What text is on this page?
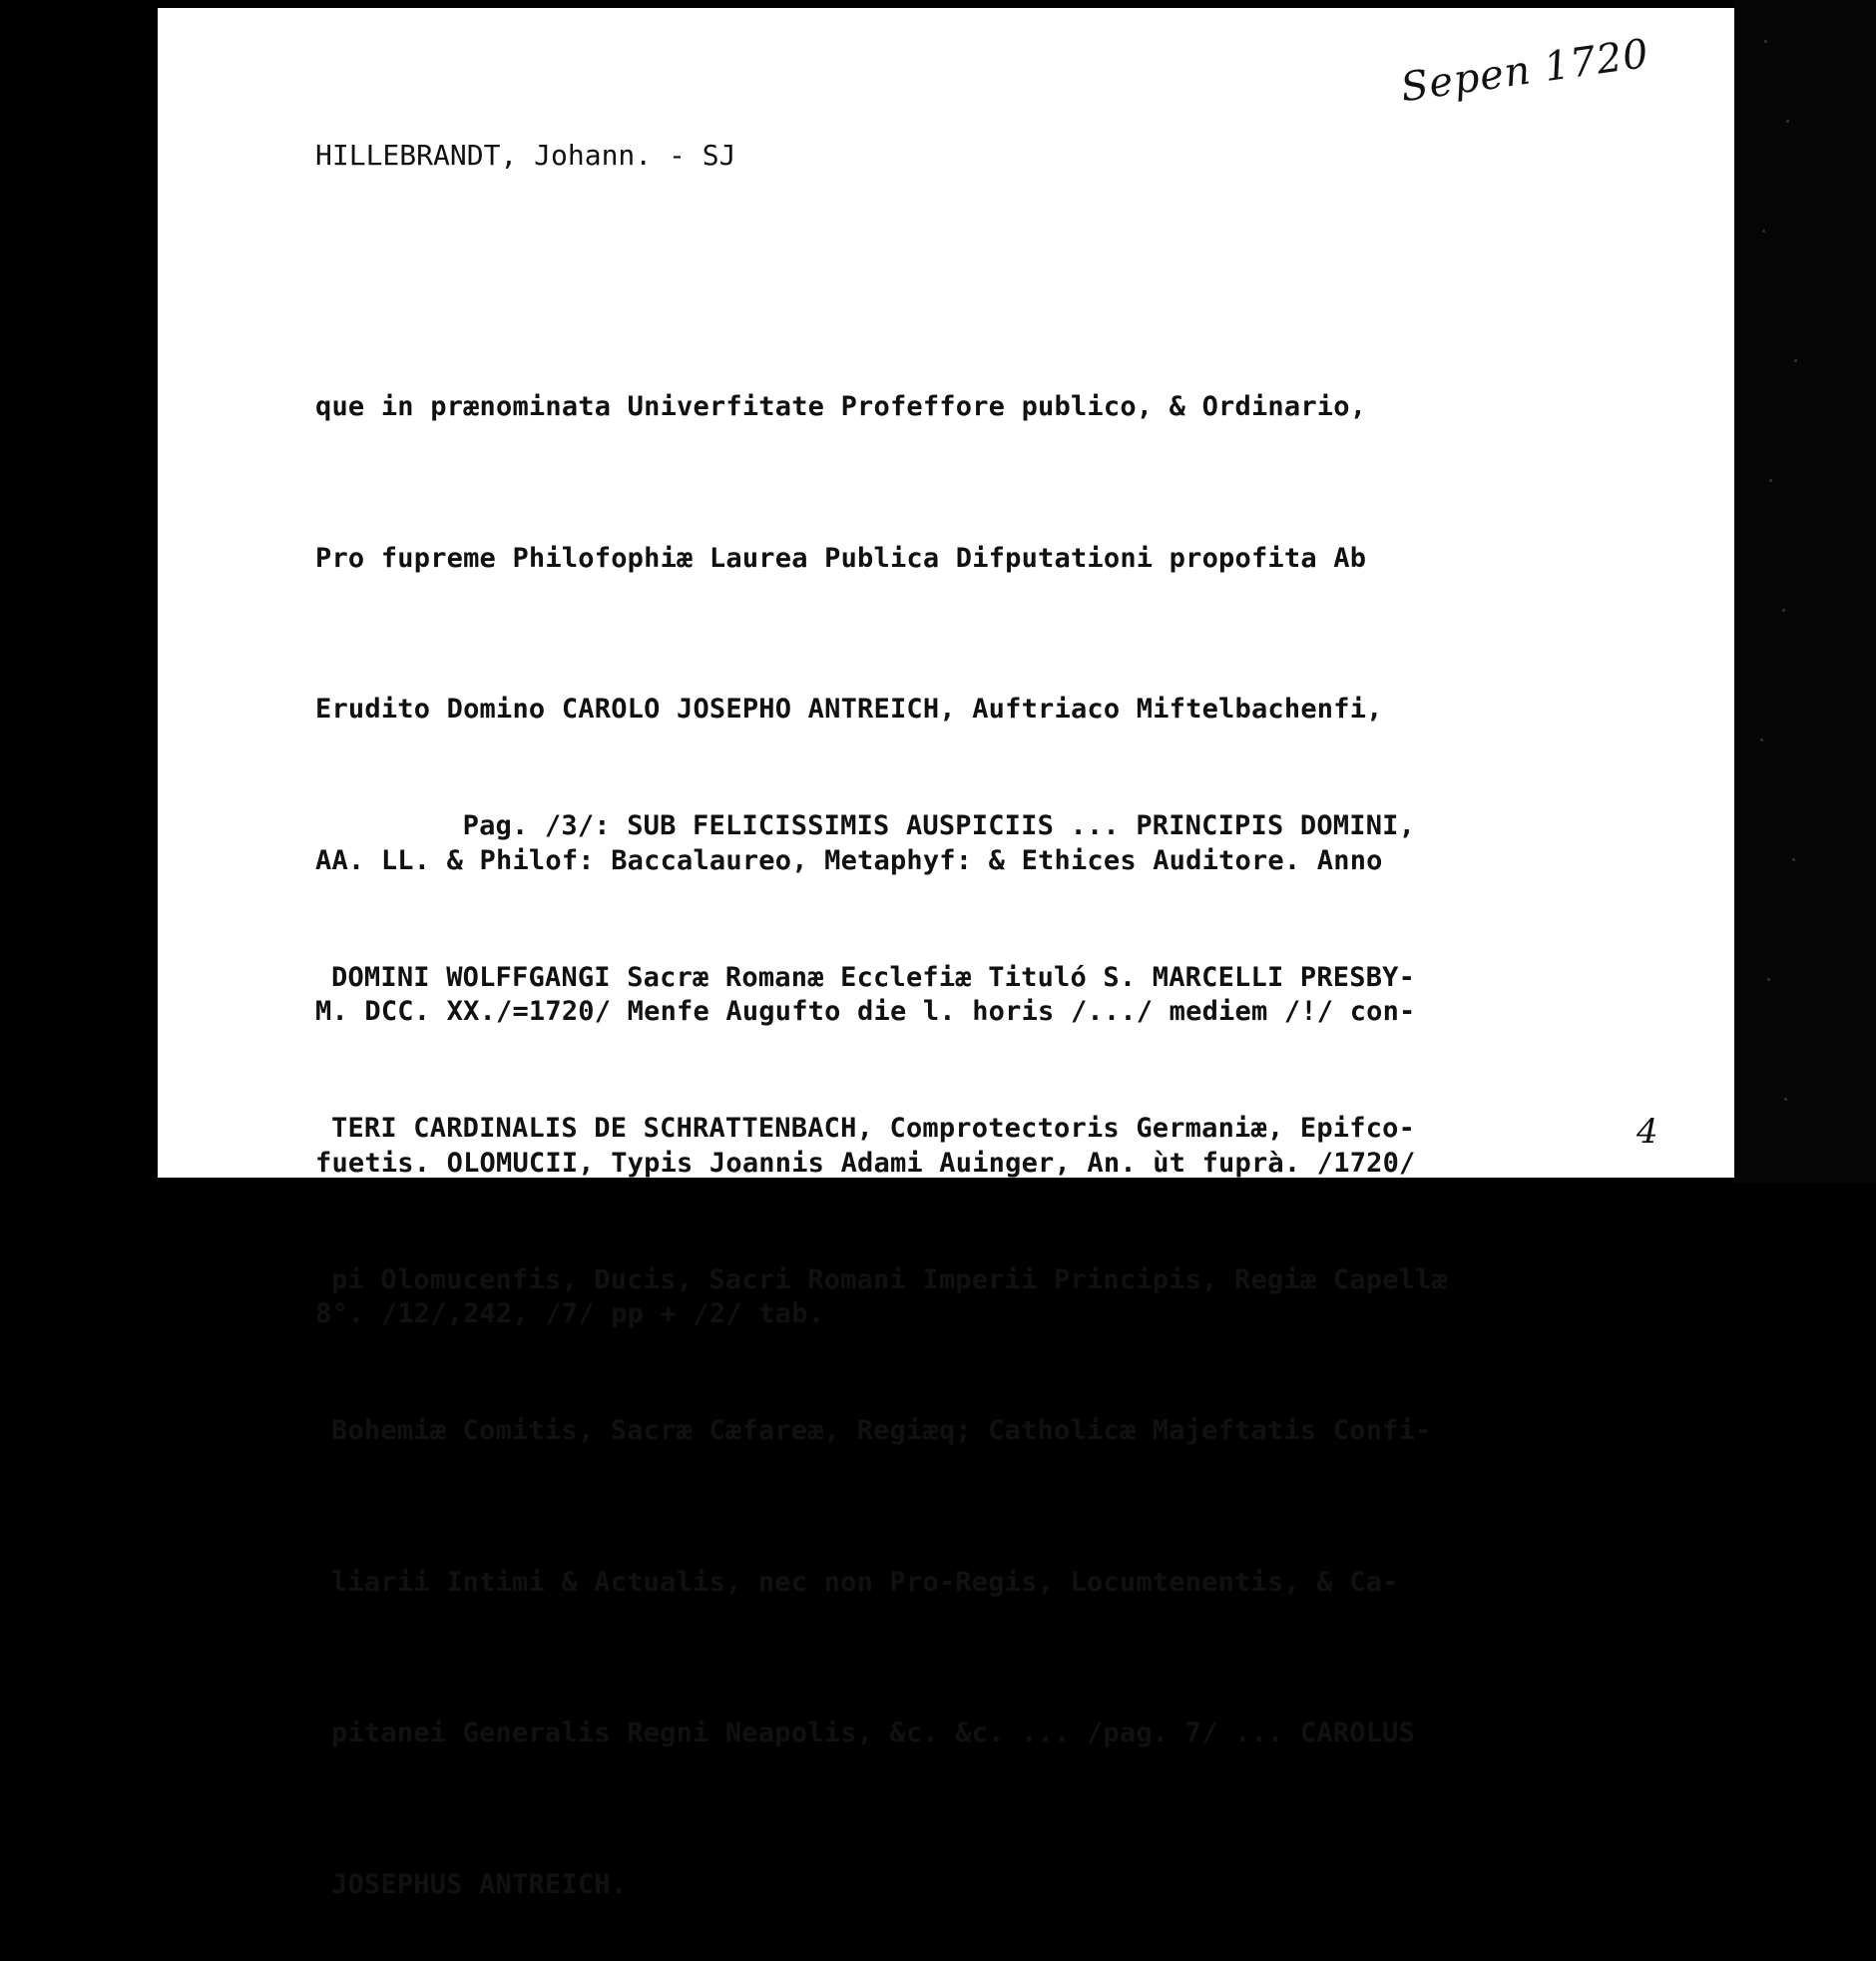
Sepen 1720
HILLEBRANDT, Johann. - SJ

que in prænominata Univerfitate Profeffore publico, & Ordinario,

Pro fupreme Philofophiæ Laurea Publica Difputationi propofita Ab

Erudito Domino CAROLO JOSEPHO ANTREICH, Auftriaco Miftelbachenfi,

AA. LL. & Philof: Baccalaureo, Metaphyf: & Ethices Auditore. Anno

M. DCC. XX./=1720/ Menfe Augufto die l. horis /.../ mediem /!/ con-

fuetis. OLOMUCII, Typis Joannis Adami Auinger, An. ùt fuprà. /1720/

8°. /12/,242, /7/ pp + /2/ tab.

Pag. /3/: SUB FELICISSIMIS AUSPICIIS ... PRINCIPIS DOMINI,

DOMINI WOLFFGANGI Sacræ Romanæ Ecclefiæ Tituló S. MARCELLI PRESBY-

TERI CARDINALIS DE SCHRATTENBACH, Comprotectoris Germaniæ, Epifco-

pi Olomucenfis, Ducis, Sacri Romani Imperii Principis, Regiæ Capellæ

Bohemiæ Comitis, Sacræ Cæfareæ, Regiæq; Catholicæ Majeftatis Confi-

liarii Intimi & Actualis, nec non Pro-Regis, Locumtenentis, & Ca-

pitanei Generalis Regni Neapolis, &c. &c. ... /pag. 7/ ... CAROLUS

JOSEPHUS ANTREICH.

4
